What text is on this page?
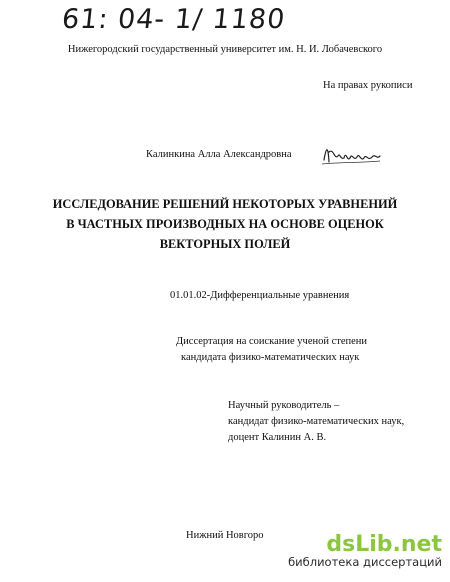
61: 04- 1/ 1180
Нижегородский государственный университет им. Н. И. Лобачевского
На правах рукописи
Калинкина Алла Александровна
ИССЛЕДОВАНИЕ РЕШЕНИЙ НЕКОТОРЫХ УРАВНЕНИЙ
В ЧАСТНЫХ ПРОИЗВОДНЫХ НА ОСНОВЕ ОЦЕНОК
ВЕКТОРНЫХ ПОЛЕЙ
01.01.02-Дифференциальные уравнения
Диссертация на соискание ученой степени
кандидата физико-математических наук
Научный руководитель –
кандидат физико-математических наук,
доцент Калинин А. В.
Нижний Новгоро	dsLib.net
библиотека диссертаций
